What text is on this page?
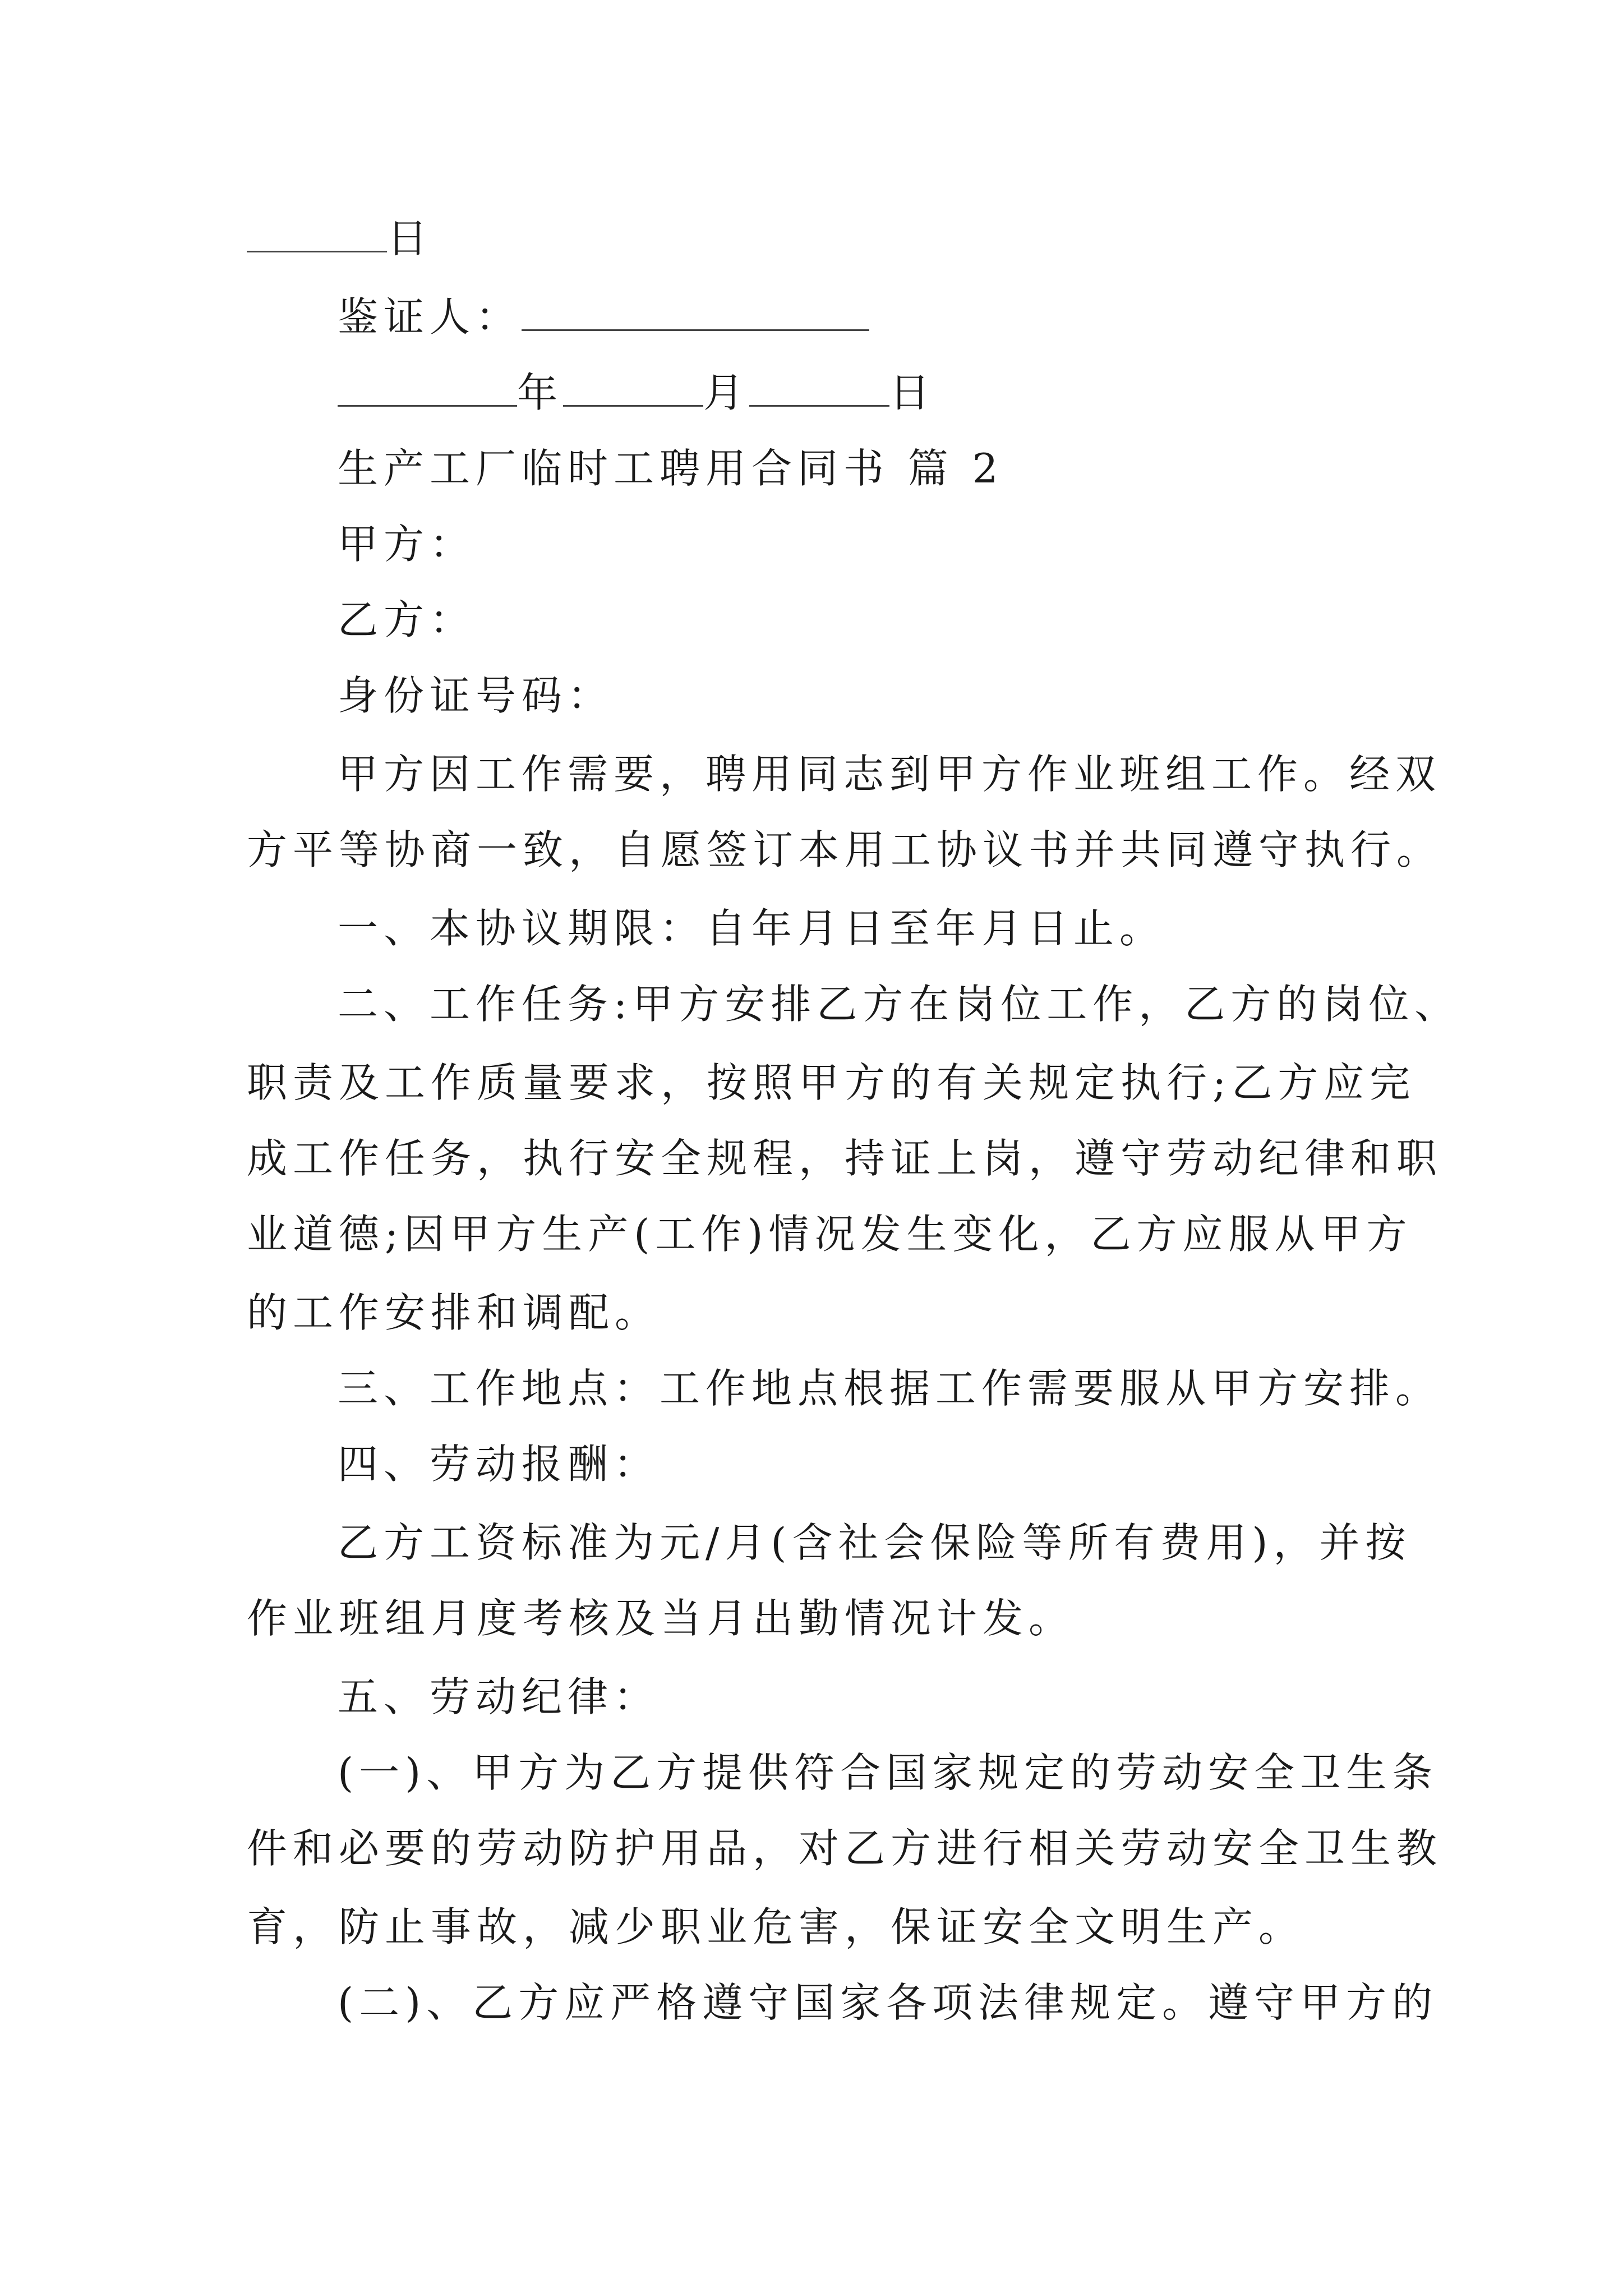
日
鉴证人：
年	月	日
生产工厂临时工聘用合同书 篇 2
甲方：
乙方：
身份证号码：
甲方因工作需要，聘用同志到甲方作业班组工作。经双
方平等协商一致，自愿签订本用工协议书并共同遵守执行。
一、本协议期限：自年月日至年月日止。
二、工作任务:甲方安排乙方在岗位工作，乙方的岗位、
职责及工作质量要求，按照甲方的有关规定执行;乙方应完
成工作任务，执行安全规程，持证上岗，遵守劳动纪律和职
业道德;因甲方生产(工作)情况发生变化，乙方应服从甲方
的工作安排和调配。
三、工作地点：工作地点根据工作需要服从甲方安排。
四、劳动报酬：
乙方工资标准为元/月(含社会保险等所有费用)，并按
作业班组月度考核及当月出勤情况计发。
五、劳动纪律：
(一)、甲方为乙方提供符合国家规定的劳动安全卫生条
件和必要的劳动防护用品，对乙方进行相关劳动安全卫生教
育，防止事故，减少职业危害，保证安全文明生产。
(二)、乙方应严格遵守国家各项法律规定。遵守甲方的
